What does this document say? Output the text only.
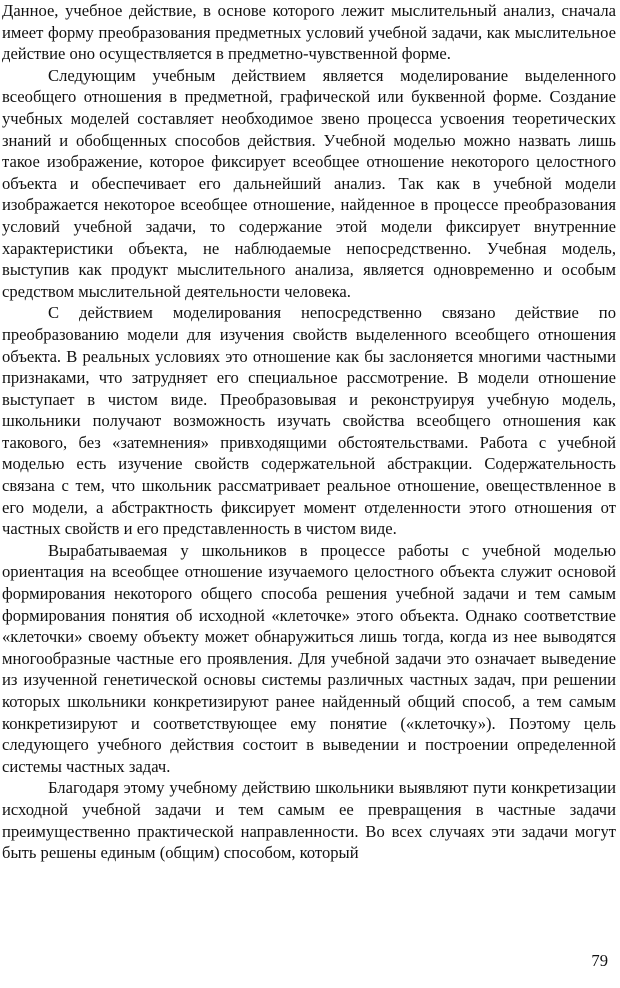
Данное, учебное действие, в основе которого лежит мыслительный анализ, сначала имеет форму преобразования предметных условий учебной задачи, как мыслительное действие оно осуществляется в предметно-чувственной форме.

Следующим учебным действием является моделирование выделенного всеобщего отношения в предметной, графической или буквенной форме. Создание учебных моделей составляет необходимое звено процесса усвоения теоретических знаний и обобщенных способов действия. Учебной моделью можно назвать лишь такое изображение, которое фиксирует всеобщее отношение некоторого целостного объекта и обеспечивает его дальнейший анализ. Так как в учебной модели изображается некоторое всеобщее отношение, найденное в процессе преобразования условий учебной задачи, то содержание этой модели фиксирует внутренние характеристики объекта, не наблюдаемые непосредственно. Учебная модель, выступив как продукт мыслительного анализа, является одновременно и особым средством мыслительной деятельности человека.

С действием моделирования непосредственно связано действие по преобразованию модели для изучения свойств выделенного всеобщего отношения объекта. В реальных условиях это отношение как бы заслоняется многими частными признаками, что затрудняет его специальное рассмотрение. В модели отношение выступает в чистом виде. Преобразовывая и реконструируя учебную модель, школьники получают возможность изучать свойства всеобщего отношения как такового, без «затемнения» привходящими обстоятельствами. Работа с учебной моделью есть изучение свойств содержательной абстракции. Содержательность связана с тем, что школьник рассматривает реальное отношение, овеществленное в его модели, а абстрактность фиксирует момент отделенности этого отношения от частных свойств и его представленность в чистом виде.

Вырабатываемая у школьников в процессе работы с учебной моделью ориентация на всеобщее отношение изучаемого целостного объекта служит основой формирования некоторого общего способа решения учебной задачи и тем самым формирования понятия об исходной «клеточке» этого объекта. Однако соответствие «клеточки» своему объекту может обнаружиться лишь тогда, когда из нее выводятся многообразные частные его проявления. Для учебной задачи это означает выведение из изученной генетической основы системы различных частных задач, при решении которых школьники конкретизируют ранее найденный общий способ, а тем самым конкретизируют и соответствующее ему понятие («клеточку»). Поэтому цель следующего учебного действия состоит в выведении и построении определенной системы частных задач.

Благодаря этому учебному действию школьники выявляют пути конкретизации исходной учебной задачи и тем самым ее превращения в частные задачи преимущественно практической направленности. Во всех случаях эти задачи могут быть решены единым (общим) способом, который

79
